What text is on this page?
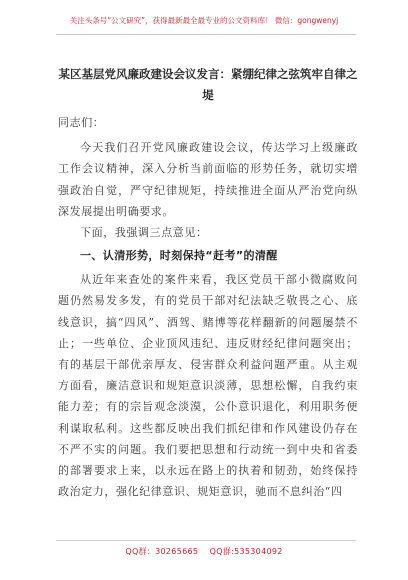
关注头条号“公文研究”，获得最新最全最专业的公文资料库！ 微信：gongwenyj
某区基层党风廉政建设会议发言：紧绷纪律之弦筑牢自律之堤

同志们：

今天我们召开党风廉政建设会议，传达学习上级廉政工作会议精神，深入分析当前面临的形势任务，就切实增强政治自觉，严守纪律规矩，持续推进全面从严治党向纵深发展提出明确要求。

下面，我强调三点意见：

一、认清形势，时刻保持“赶考”的清醒

从近年来查处的案件来看，我区党员干部小微腐败问题仍然易发多发，有的党员干部对纪法缺乏敬畏之心、底线意识，搞“四风”、酒驾、赌博等花样翻新的问题屡禁不止；一些单位、企业顶风违纪、违反财经纪律问题突出；有的基层干部优亲厚友、侵害群众利益问题严重。从主观方面看，廉洁意识和规矩意识淡薄，思想松懈，自我约束能力差；有的宗旨观念淡漠，公仆意识退化，利用职务便利谋取私利。这些都反映出我们抓纪律和作风建设仍存在不严不实的问题。我们要把思想和行动统一到中央和省委的部署要求上来，以永远在路上的执着和韧劲，始终保持政治定力，强化纪律意识、规矩意识，驰而不息纠治“四

QQ群：30265665    QQ群:535304092
